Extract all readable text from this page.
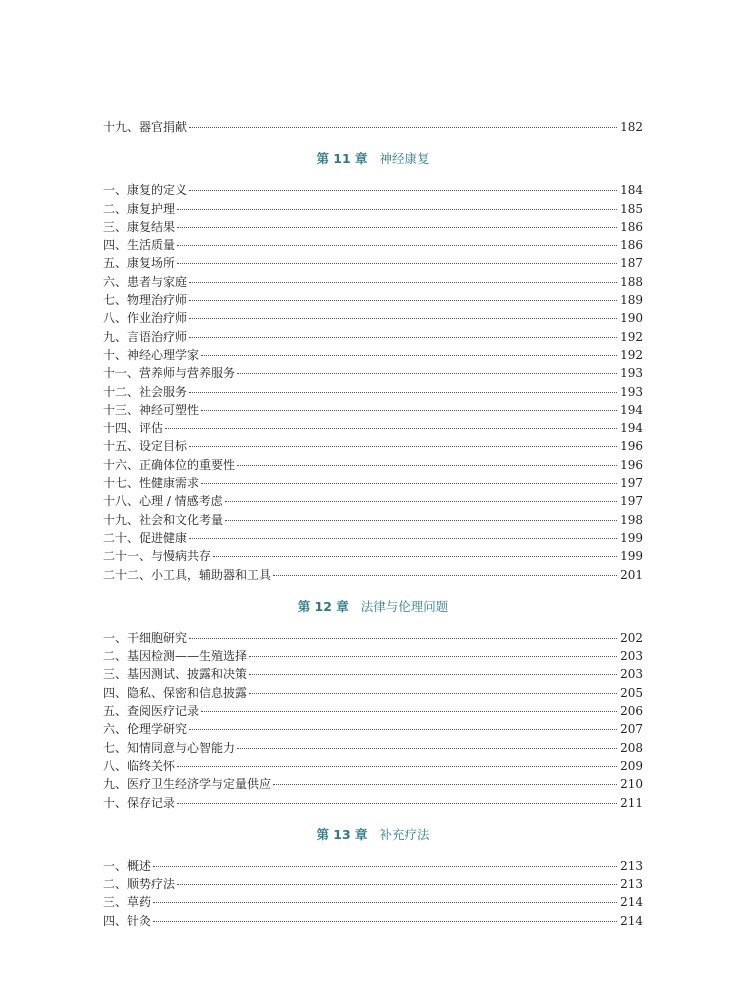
十九、器官捐献	182
第 11 章 神经康复
一、康复的定义	184
二、康复护理	185
三、康复结果	186
四、生活质量	186
五、康复场所	187
六、患者与家庭	188
七、物理治疗师	189
八、作业治疗师	190
九、言语治疗师	192
十、神经心理学家	192
十一、营养师与营养服务	193
十二、社会服务	193
十三、神经可塑性	194
十四、评估	194
十五、设定目标	196
十六、正确体位的重要性	196
十七、性健康需求	197
十八、心理 / 情感考虑	197
十九、社会和文化考量	198
二十、促进健康	199
二十一、与慢病共存	199
二十二、小工具，辅助器和工具	201
第 12 章 法律与伦理问题
一、干细胞研究	202
二、基因检测——生殖选择	203
三、基因测试、披露和决策	203
四、隐私、保密和信息披露	205
五、查阅医疗记录	206
六、伦理学研究	207
七、知情同意与心智能力	208
八、临终关怀	209
九、医疗卫生经济学与定量供应	210
十、保存记录	211
第 13 章 补充疗法
一、概述	213
二、顺势疗法	213
三、草药	214
四、针灸	214
